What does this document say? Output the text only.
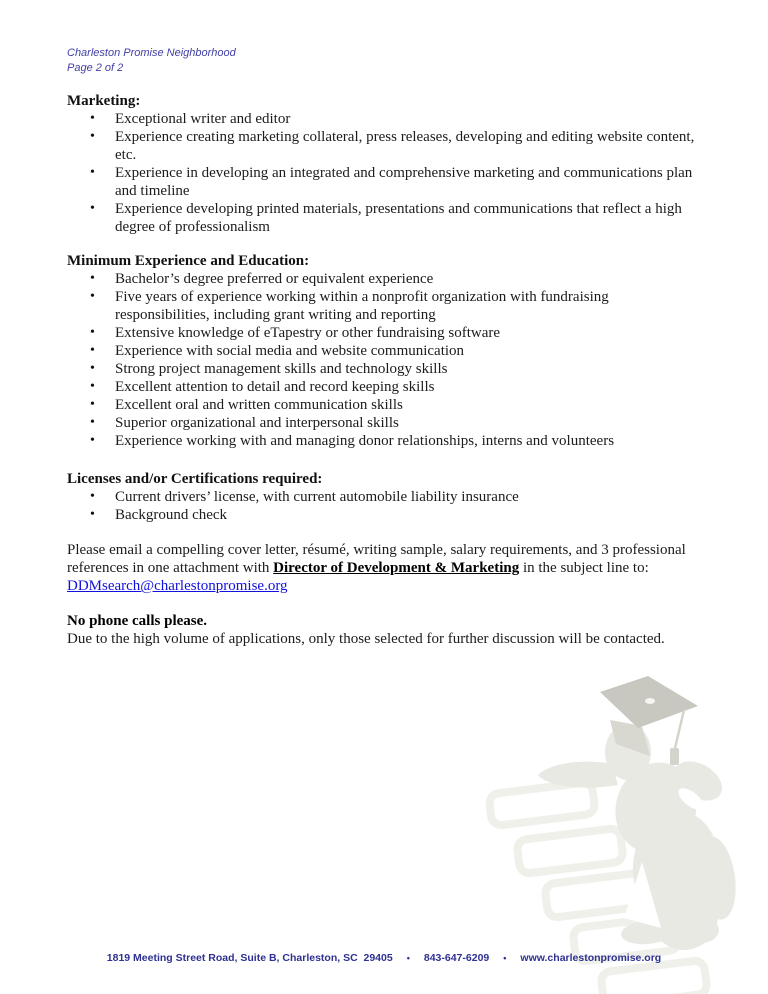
Charleston Promise Neighborhood
Page 2 of 2
Marketing:
• Exceptional writer and editor
• Experience creating marketing collateral, press releases, developing and editing website content, etc.
• Experience in developing an integrated and comprehensive marketing and communications plan and timeline
• Experience developing printed materials, presentations and communications that reflect a high degree of professionalism
Minimum Experience and Education:
• Bachelor’s degree preferred or equivalent experience
• Five years of experience working within a nonprofit organization with fundraising responsibilities, including grant writing and reporting
• Extensive knowledge of eTapestry or other fundraising software
• Experience with social media and website communication
• Strong project management skills and technology skills
• Excellent attention to detail and record keeping skills
• Excellent oral and written communication skills
• Superior organizational and interpersonal skills
• Experience working with and managing donor relationships, interns and volunteers
Licenses and/or Certifications required:
• Current drivers’ license, with current automobile liability insurance
• Background check

Please email a compelling cover letter, résumé, writing sample, salary requirements, and 3 professional references in one attachment with Director of Development & Marketing in the subject line to:
DDMsearch@charlestonpromise.org

No phone calls please.
Due to the high volume of applications, only those selected for further discussion will be contacted.

1819 Meeting Street Road, Suite B, Charleston, SC  29405 • 843-647-6209 • www.charlestonpromise.org
